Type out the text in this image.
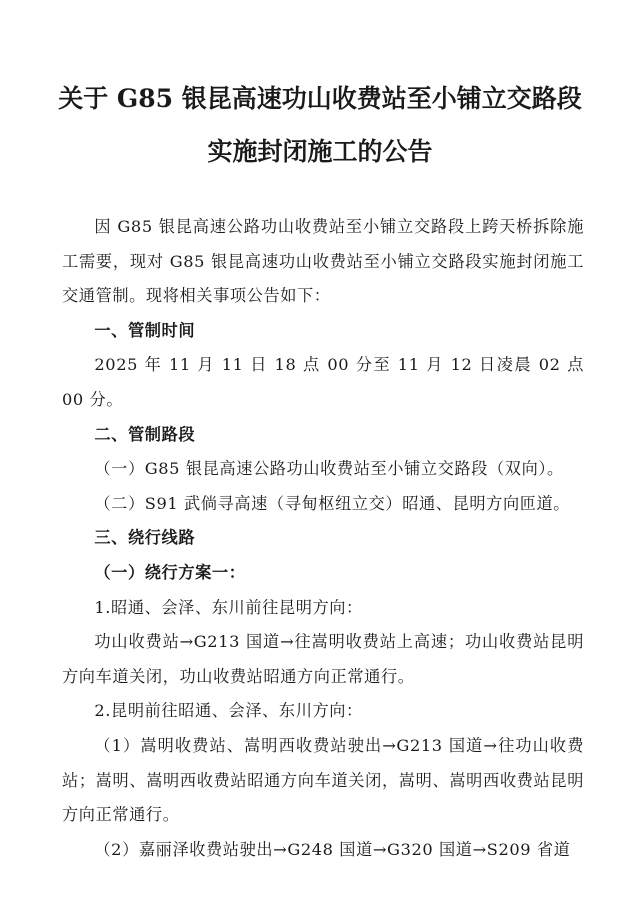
关于 G85 银昆高速功山收费站至小铺立交路段
实施封闭施工的公告

因 G85 银昆高速公路功山收费站至小铺立交路段上跨天桥拆除施工需要，现对 G85 银昆高速功山收费站至小铺立交路段实施封闭施工交通管制。现将相关事项公告如下：

一、管制时间

2025 年 11 月 11 日 18 点 00 分至 11 月 12 日凌晨 02 点 00 分。

二、管制路段

（一）G85 银昆高速公路功山收费站至小铺立交路段（双向）。

（二）S91 武倘寻高速（寻甸枢纽立交）昭通、昆明方向匝道。

三、绕行线路

（一）绕行方案一：

1.昭通、会泽、东川前往昆明方向：

功山收费站→G213 国道→往嵩明收费站上高速；功山收费站昆明方向车道关闭，功山收费站昭通方向正常通行。

2.昆明前往昭通、会泽、东川方向：

（1）嵩明收费站、嵩明西收费站驶出→G213 国道→往功山收费站；嵩明、嵩明西收费站昭通方向车道关闭，嵩明、嵩明西收费站昆明方向正常通行。

（2）嘉丽泽收费站驶出→G248 国道→G320 国道→S209 省道
